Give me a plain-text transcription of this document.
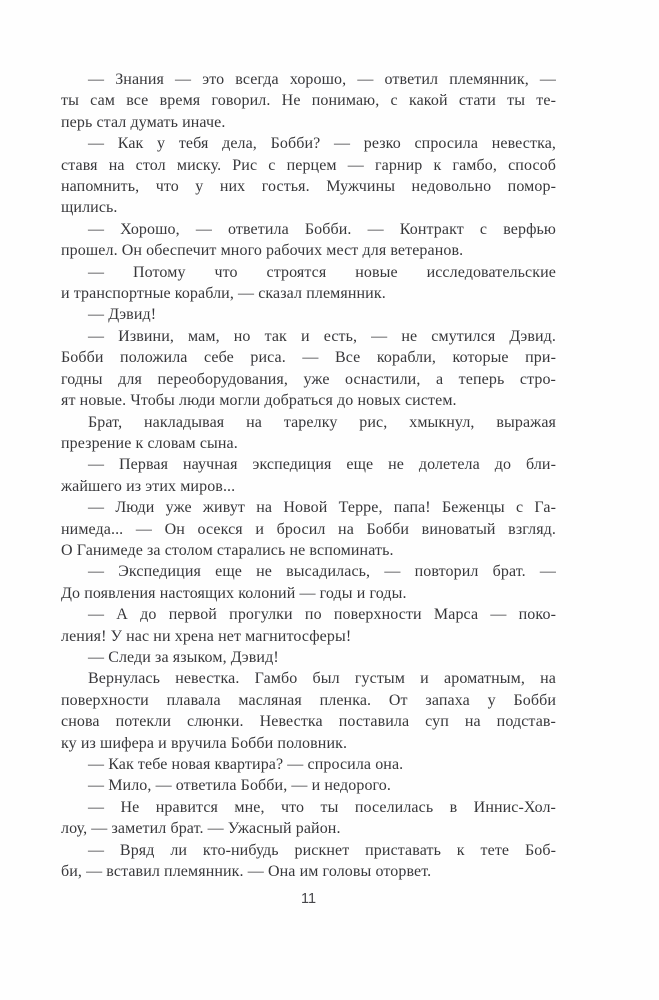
— Знания — это всегда хорошо, — ответил племянник, —
ты сам все время говорил. Не понимаю, с какой стати ты те-
перь стал думать иначе.
— Как у тебя дела, Бобби? — резко спросила невестка,
ставя на стол миску. Рис с перцем — гарнир к гамбо, способ
напомнить, что у них гостья. Мужчины недовольно помор-
щились.
— Хорошо, — ответила Бобби. — Контракт с верфью
прошел. Он обеспечит много рабочих мест для ветеранов.
— Потому что строятся новые исследовательские
и транспортные корабли, — сказал племянник.
— Дэвид!
— Извини, мам, но так и есть, — не смутился Дэвид.
Бобби положила себе риса. — Все корабли, которые при-
годны для переоборудования, уже оснастили, а теперь стро-
ят новые. Чтобы люди могли добраться до новых систем.
Брат, накладывая на тарелку рис, хмыкнул, выражая
презрение к словам сына.
— Первая научная экспедиция еще не долетела до бли-
жайшего из этих миров...
— Люди уже живут на Новой Терре, папа! Беженцы с Га-
нимеда... — Он осекся и бросил на Бобби виноватый взгляд.
О Ганимеде за столом старались не вспоминать.
— Экспедиция еще не высадилась, — повторил брат. —
До появления настоящих колоний — годы и годы.
— А до первой прогулки по поверхности Марса — поко-
ления! У нас ни хрена нет магнитосферы!
— Следи за языком, Дэвид!
Вернулась невестка. Гамбо был густым и ароматным, на
поверхности плавала масляная пленка. От запаха у Бобби
снова потекли слюнки. Невестка поставила суп на подстав-
ку из шифера и вручила Бобби половник.
— Как тебе новая квартира? — спросила она.
— Мило, — ответила Бобби, — и недорого.
— Не нравится мне, что ты поселилась в Иннис-Хол-
лоу, — заметил брат. — Ужасный район.
— Вряд ли кто-нибудь рискнет приставать к тете Боб-
би, — вставил племянник. — Она им головы оторвет.
11
